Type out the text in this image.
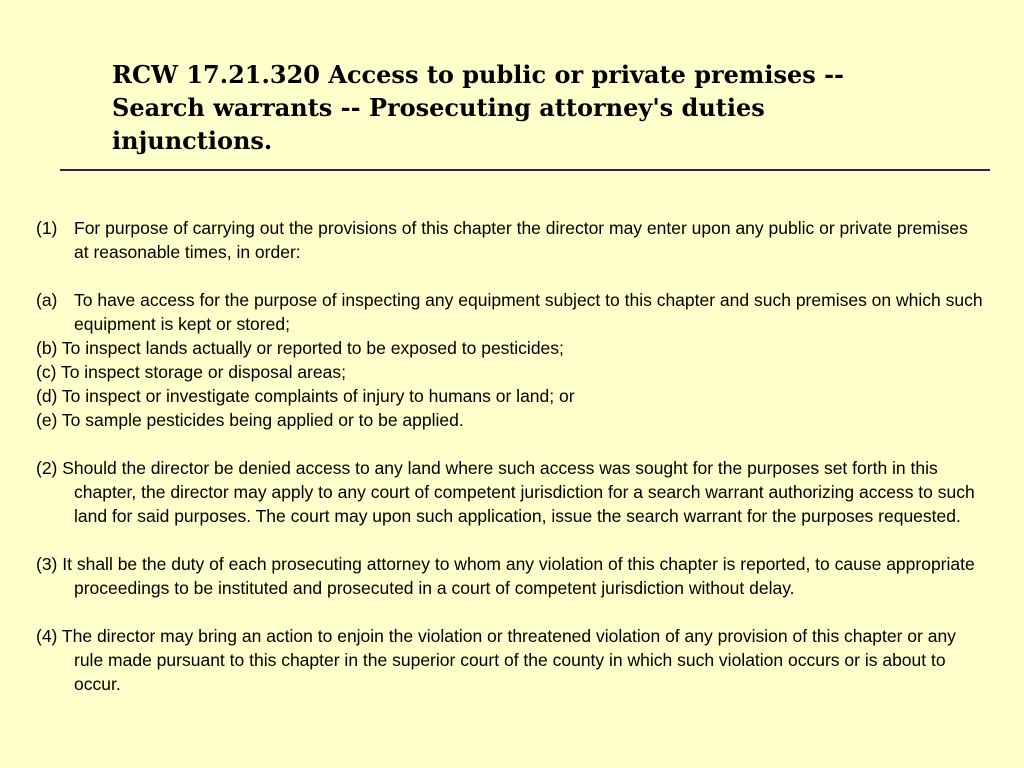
RCW 17.21.320 Access to public or private premises -- Search warrants -- Prosecuting attorney's duties injunctions.

(1) For purpose of carrying out the provisions of this chapter the director may enter upon any public or private premises at reasonable times, in order:

(a) To have access for the purpose of inspecting any equipment subject to this chapter and such premises on which such equipment is kept or stored;

(b) To inspect lands actually or reported to be exposed to pesticides;

(c) To inspect storage or disposal areas;

(d) To inspect or investigate complaints of injury to humans or land; or

(e) To sample pesticides being applied or to be applied.

(2) Should the director be denied access to any land where such access was sought for the purposes set forth in this chapter, the director may apply to any court of competent jurisdiction for a search warrant authorizing access to such land for said purposes. The court may upon such application, issue the search warrant for the purposes requested.

(3) It shall be the duty of each prosecuting attorney to whom any violation of this chapter is reported, to cause appropriate proceedings to be instituted and prosecuted in a court of competent jurisdiction without delay.

(4) The director may bring an action to enjoin the violation or threatened violation of any provision of this chapter or any rule made pursuant to this chapter in the superior court of the county in which such violation occurs or is about to occur.
